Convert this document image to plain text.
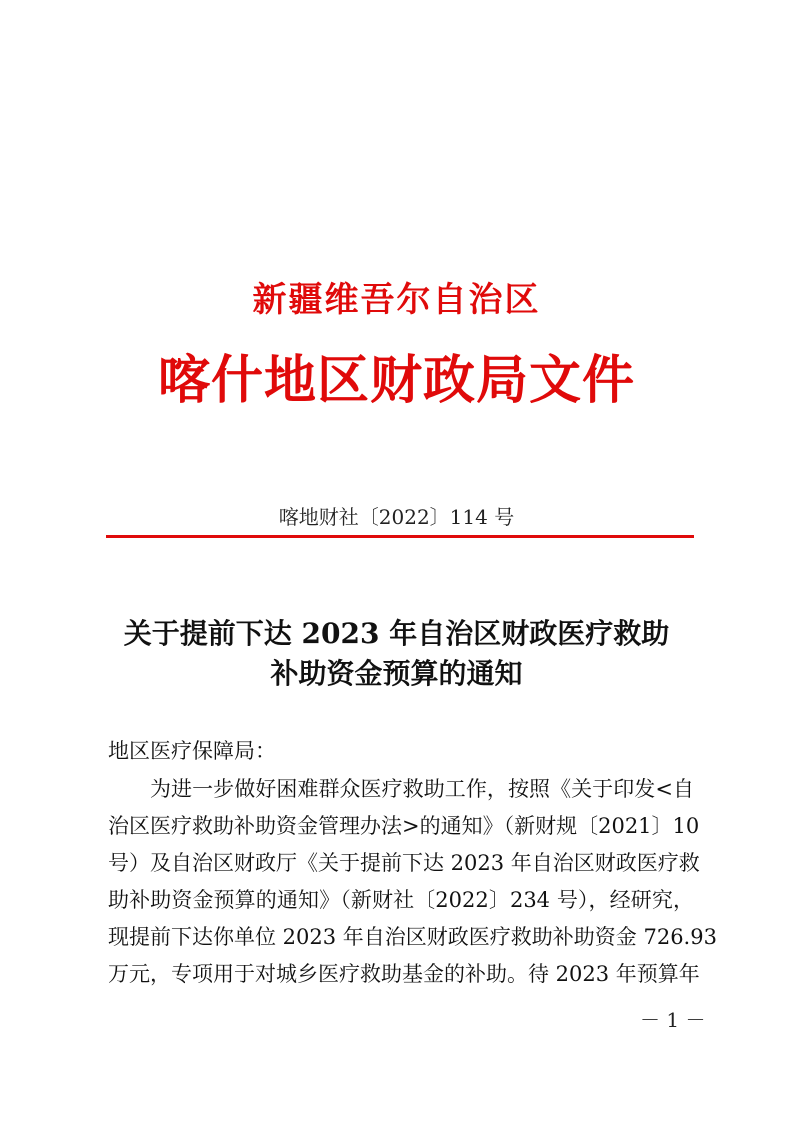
新疆维吾尔自治区
喀什地区财政局文件
喀地财社〔2022〕114 号
关于提前下达 2023 年自治区财政医疗救助
补助资金预算的通知
地区医疗保障局：
为进一步做好困难群众医疗救助工作，按照《关于印发<自
治区医疗救助补助资金管理办法>的通知》（新财规〔2021〕10
号）及自治区财政厅《关于提前下达 2023 年自治区财政医疗救
助补助资金预算的通知》（新财社〔2022〕234 号），经研究，
现提前下达你单位 2023 年自治区财政医疗救助补助资金 726.93
万元，专项用于对城乡医疗救助基金的补助。待 2023 年预算年
－ 1 －
